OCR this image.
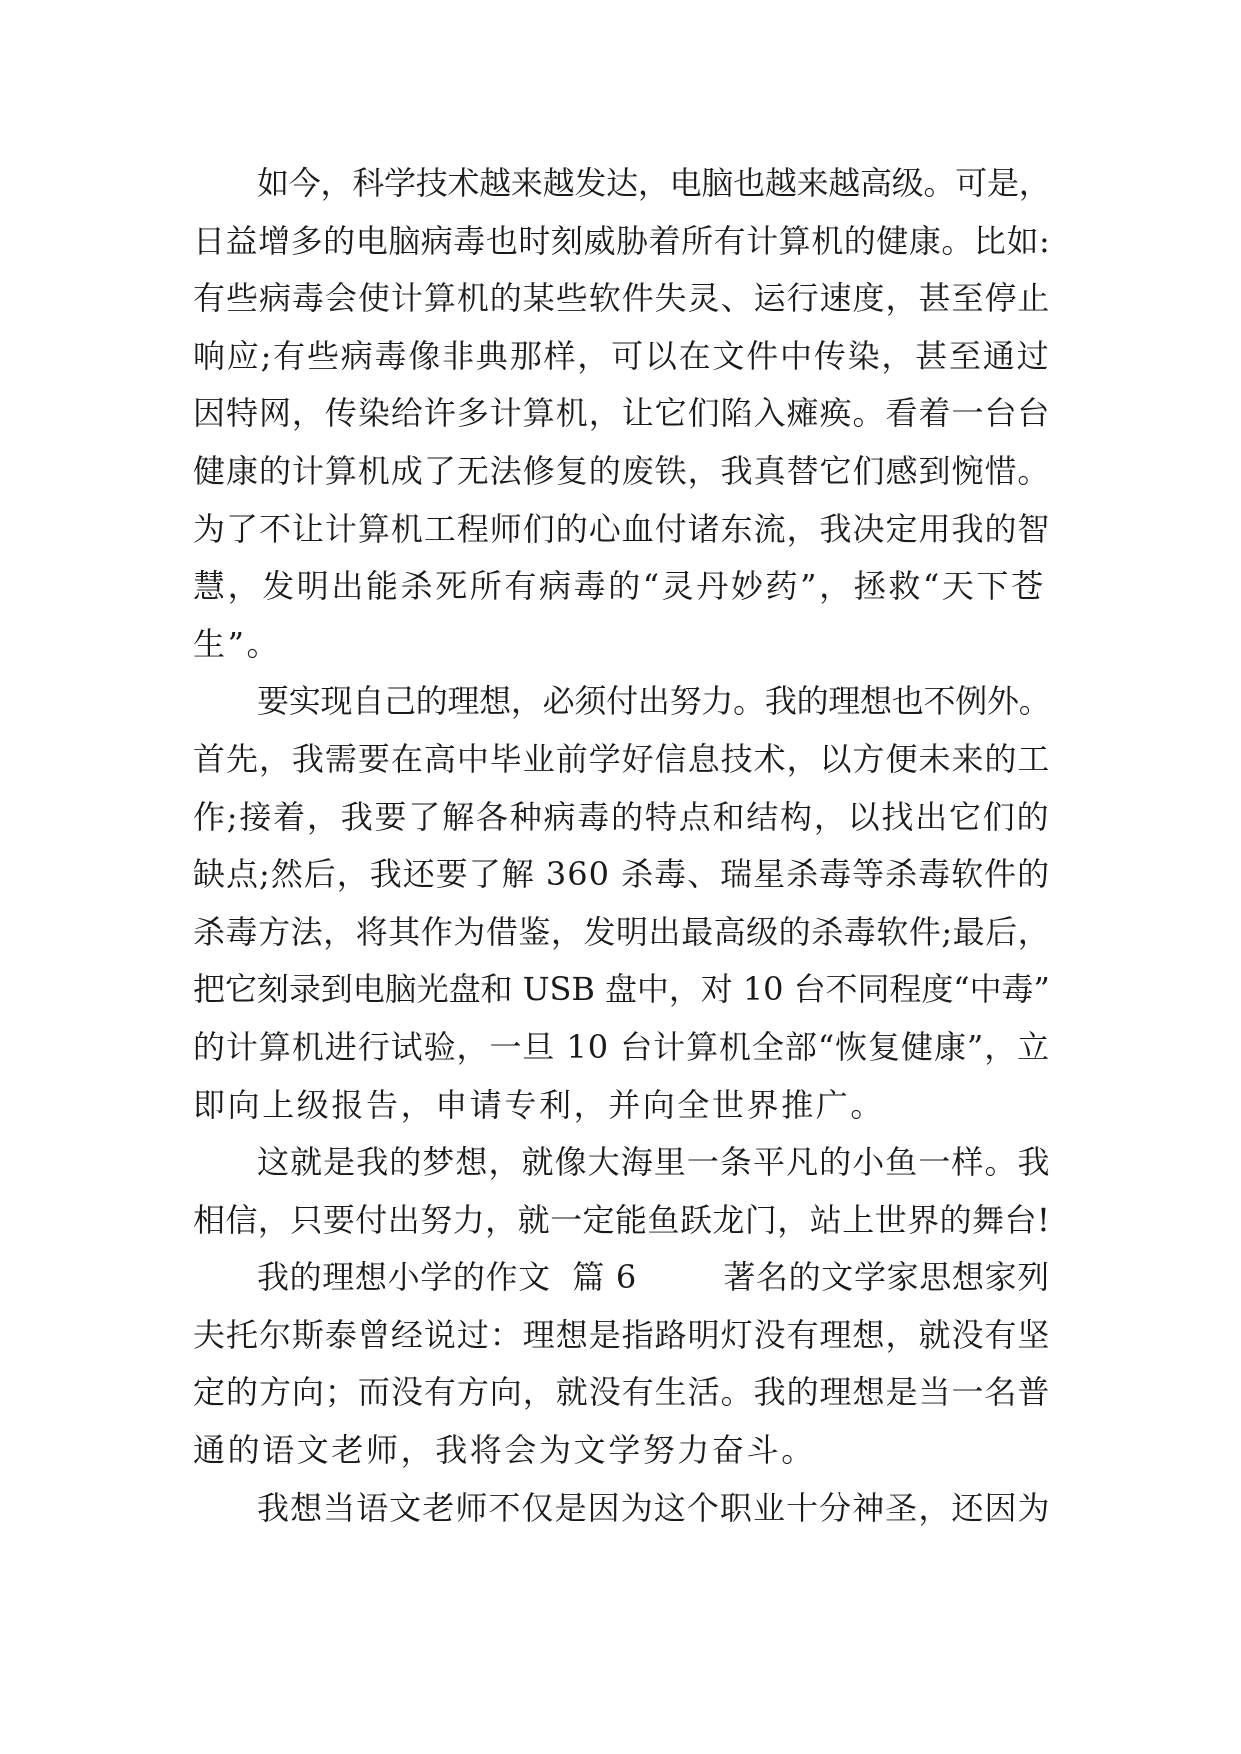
如今，科学技术越来越发达，电脑也越来越高级。可是，
日益增多的电脑病毒也时刻威胁着所有计算机的健康。比如:
有些病毒会使计算机的某些软件失灵、运行速度，甚至停止
响应;有些病毒像非典那样，可以在文件中传染，甚至通过
因特网，传染给许多计算机，让它们陷入瘫痪。看着一台台
健康的计算机成了无法修复的废铁，我真替它们感到惋惜。
为了不让计算机工程师们的心血付诸东流，我决定用我的智
慧，发明出能杀死所有病毒的“灵丹妙药”，拯救“天下苍
生”。
要实现自己的理想，必须付出努力。我的理想也不例外。
首先，我需要在高中毕业前学好信息技术，以方便未来的工
作;接着，我要了解各种病毒的特点和结构，以找出它们的
缺点;然后，我还要了解 360 杀毒、瑞星杀毒等杀毒软件的
杀毒方法，将其作为借鉴，发明出最高级的杀毒软件;最后，
把它刻录到电脑光盘和 USB 盘中，对 10 台不同程度“中毒”
的计算机进行试验，一旦 10 台计算机全部“恢复健康”，立
即向上级报告，申请专利，并向全世界推广。
这就是我的梦想，就像大海里一条平凡的小鱼一样。我
相信，只要付出努力，就一定能鱼跃龙门，站上世界的舞台!
我的理想小学的作文  篇 6        著名的文学家思想家列
夫托尔斯泰曾经说过：理想是指路明灯没有理想，就没有坚
定的方向；而没有方向，就没有生活。我的理想是当一名普
通的语文老师，我将会为文学努力奋斗。
我想当语文老师不仅是因为这个职业十分神圣，还因为
